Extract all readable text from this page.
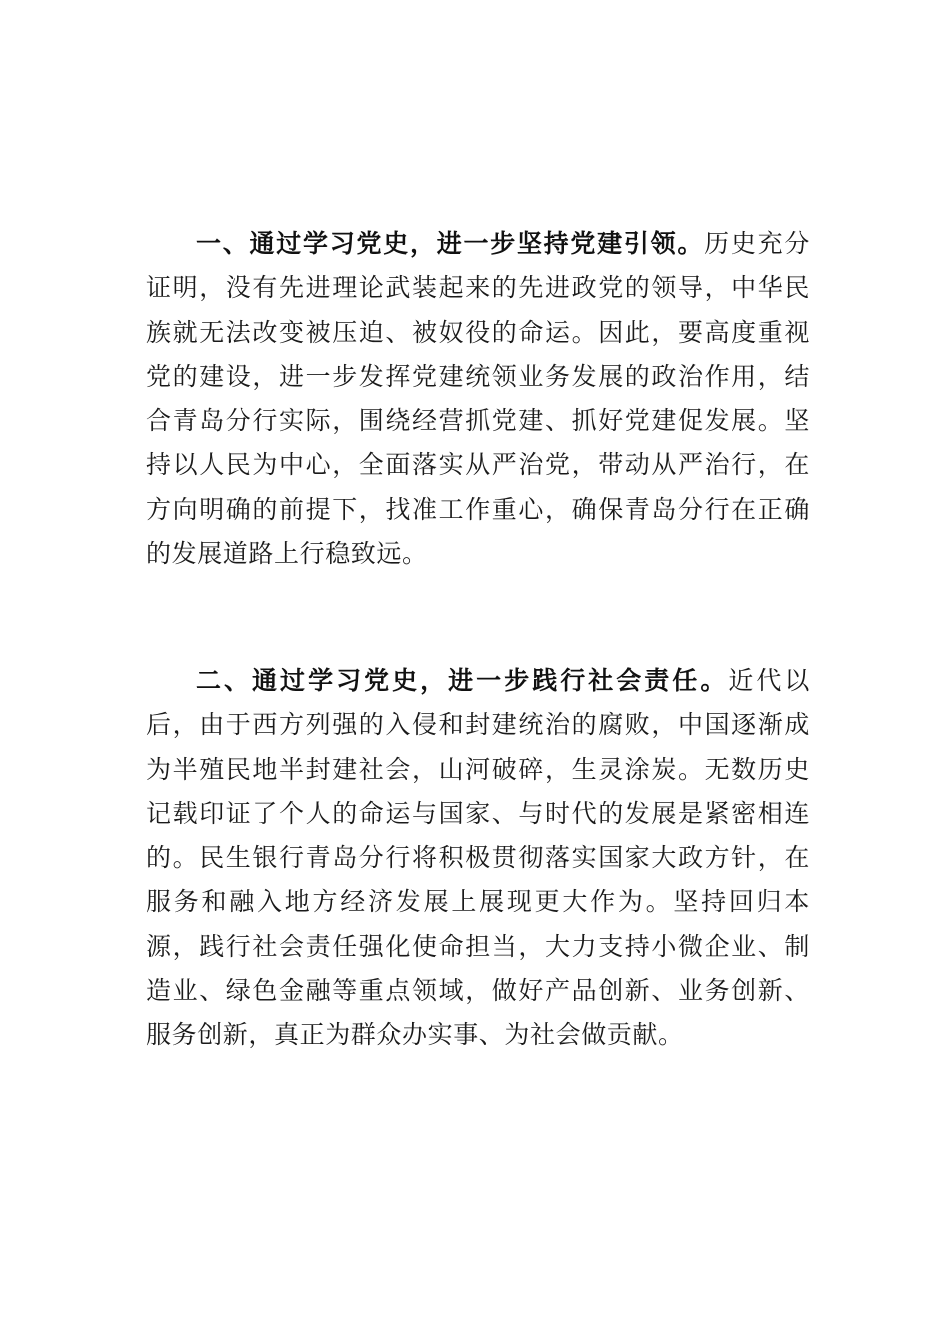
一、通过学习党史，进一步坚持党建引领。历史充分证明，没有先进理论武装起来的先进政党的领导，中华民族就无法改变被压迫、被奴役的命运。因此，要高度重视党的建设，进一步发挥党建统领业务发展的政治作用，结合青岛分行实际，围绕经营抓党建、抓好党建促发展。坚持以人民为中心，全面落实从严治党，带动从严治行，在方向明确的前提下，找准工作重心，确保青岛分行在正确的发展道路上行稳致远。

二、通过学习党史，进一步践行社会责任。近代以后，由于西方列强的入侵和封建统治的腐败，中国逐渐成为半殖民地半封建社会，山河破碎，生灵涂炭。无数历史记载印证了个人的命运与国家、与时代的发展是紧密相连的。民生银行青岛分行将积极贯彻落实国家大政方针，在服务和融入地方经济发展上展现更大作为。坚持回归本源，践行社会责任强化使命担当，大力支持小微企业、制造业、绿色金融等重点领域，做好产品创新、业务创新、服务创新，真正为群众办实事、为社会做贡献。
